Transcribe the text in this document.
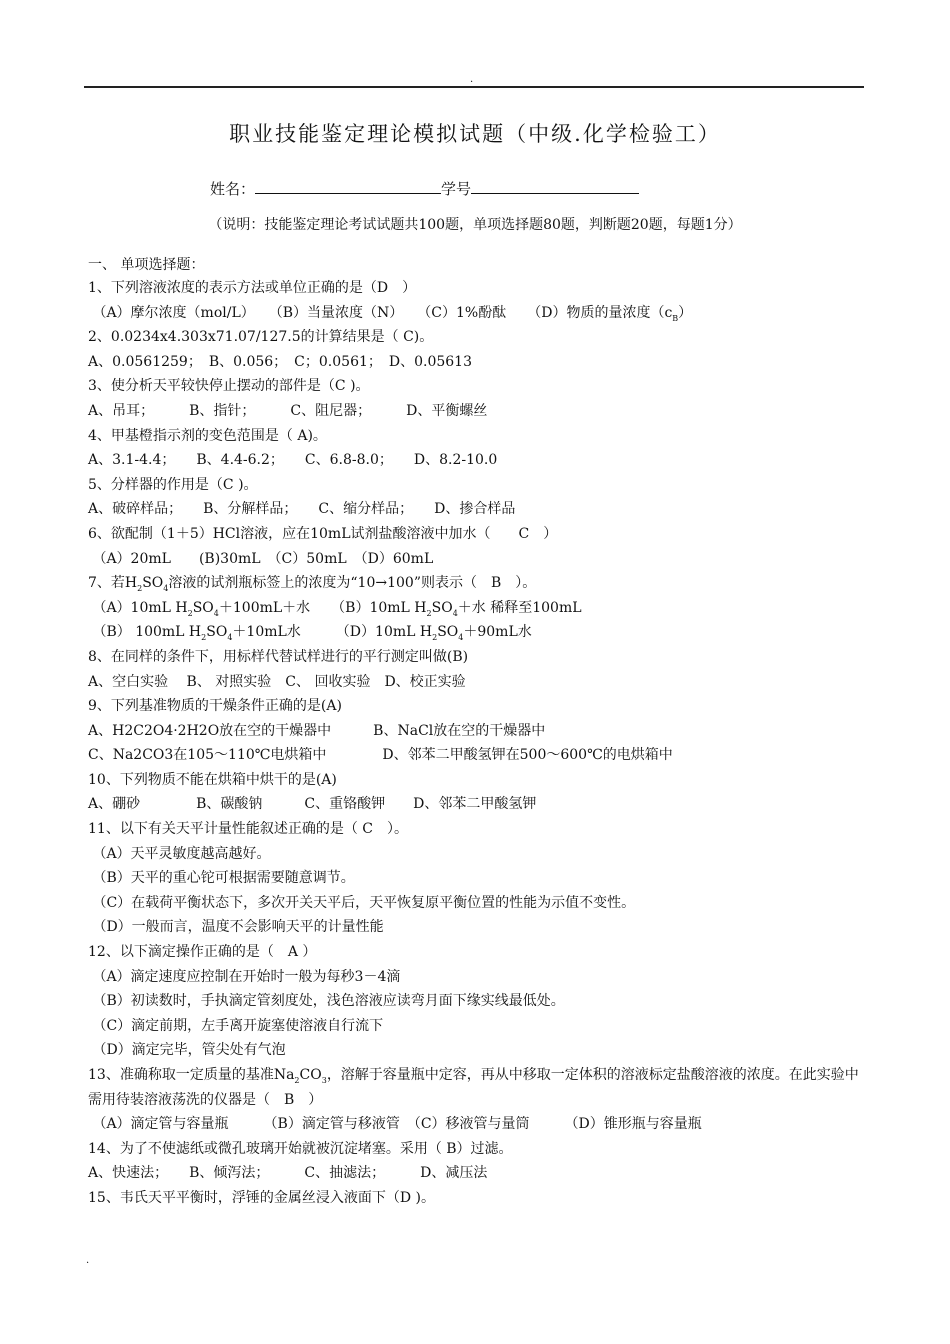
.
职业技能鉴定理论模拟试题（中级.化学检验工）
姓名：	学号
（说明：技能鉴定理论考试试题共100题，单项选择题80题，判断题20题，每题1分）
一、 单项选择题：
1、下列溶液浓度的表示方法或单位正确的是（D　）
（A）摩尔浓度（mol/L）　　（B）当量浓度（N）　　（C）1%酚酞　　（D）物质的量浓度$(c_B)$
2、0.0234x4.303x71.07/127.5的计算结果是（ C)。
A、0.0561259；　B、0.056；　C；0.0561；　D、0.05613
3、使分析天平较快停止摆动的部件是（C )。
A、吊耳；　　　B、指针；　　　C、阻尼器；　　　D、平衡螺丝
4、甲基橙指示剂的变色范围是（ A)。
A、3.1-4.4；　　B、4.4-6.2；　　C、6.8-8.0；　　D、8.2-10.0
5、分样器的作用是（C )。
A、破碎样品；　　B、分解样品；　　C、缩分样品；　　D、掺合样品
6、欲配制（1＋5）HCl溶液，应在10mL试剂盐酸溶液中加水（　　C　）
（A）20mL　　(B)30mL　（C）50mL　（D）60mL
7、若$H_2SO_4$溶液的试剂瓶标签上的浓度为“10→100”则表示（　B　）。
（A）10mL $H_2SO_4+100mL+$水　　（B）10mL $H_2SO_4+$水 稀释至100mL
（B） 100mL $H_2SO_4+10mL$水　　　（D）10mL $H_2SO_4+90mL$水
8、在同样的条件下，用标样代替试样进行的平行测定叫做(B)
A、空白实验　 B、 对照实验　C、 回收实验　D、校正实验
9、下列基准物质的干燥条件正确的是(A)
A、H2C2O4·2H2O放在空的干燥器中　　　B、NaCl放在空的干燥器中
C、Na2CO3在105～110℃电烘箱中　　　　D、邻苯二甲酸氢钾在500～600℃的电烘箱中
10、下列物质不能在烘箱中烘干的是(A)
A、硼砂　　　　B、碳酸钠　　　C、重铬酸钾　　D、邻苯二甲酸氢钾
11、以下有关天平计量性能叙述正确的是（ C　）。
（A）天平灵敏度越高越好。
（B）天平的重心铊可根据需要随意调节。
（C）在载荷平衡状态下，多次开关天平后，天平恢复原平衡位置的性能为示值不变性。
（D）一般而言，温度不会影响天平的计量性能
12、以下滴定操作正确的是（　A ）
（A）滴定速度应控制在开始时一般为每秒3－4滴
（B）初读数时，手执滴定管刻度处，浅色溶液应读弯月面下缘实线最低处。
（C）滴定前期，左手离开旋塞使溶液自行流下
（D）滴定完毕，管尖处有气泡
13、准确称取一定质量的基准$Na_2CO_3$，溶解于容量瓶中定容，再从中移取一定体积的溶液标定盐酸溶液的浓度。在此实验中需用待装溶液荡洗的仪器是（　B　）
（A）滴定管与容量瓶　　　（B）滴定管与移液管　（C）移液管与量筒　　　（D）锥形瓶与容量瓶
14、为了不使滤纸或微孔玻璃开始就被沉淀堵塞。采用（ B）过滤。
A、快速法；　　B、倾泻法；　　　C、抽滤法；　　　D、减压法
15、韦氏天平平衡时，浮锤的金属丝浸入液面下（D )。
.
